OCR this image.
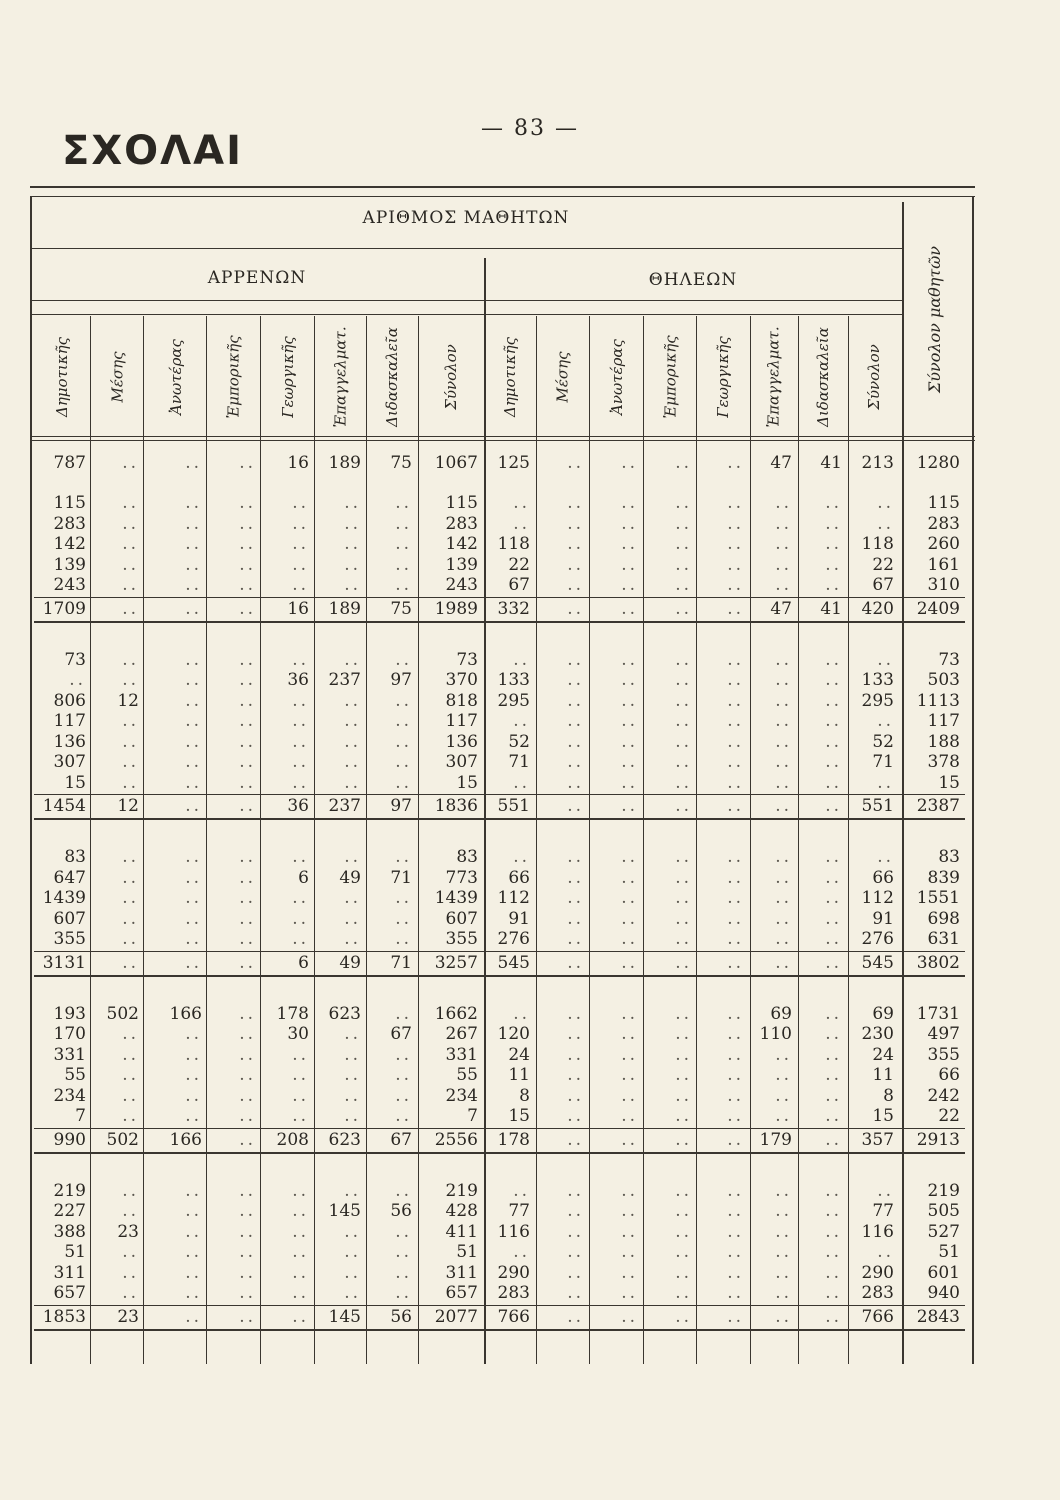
— 83 —
ΣΧΟΛΑΙ
ΑΡΙΘΜΟΣ ΜΑΘΗΤΩΝ
ΑΡΡΕΝΩΝ	ΘΗΛΕΩΝ	Σύνολον μαθητῶν
Δημοτικῆς	Μέσης	Ἀνωτέρας	Ἐμπορικῆς Γεωργικῆς Ἐπαγγελματ. Διδασκαλεῖα	Σύνολον	Δημοτικῆς Μέσης Ἀνωτέρας Ἐμπορικῆς Γεωργικῆς Ἐπαγγελματ. Διδασκαλεῖα Σύνολον
787	..	..	..	16	189	75	1067	125	..	..	..	..	47	41	213	1280
115	..	..	..	..	..	..	115	..	..	..	..	..	..	..	..	115
283	..	..	..	..	..	..	283	..	..	..	..	..	..	..	..	283
142	..	..	..	..	..	..	142	118	..	..	..	..	..	..	118	260
139	..	..	..	..	..	..	139	22	..	..	..	..	..	..	22	161
243	..	..	..	..	..	..	243	67	..	..	..	..	..	..	67	310
1709	..	..	..	16	189	75	1989	332	..	..	..	..	47	41	420	2409
73	..	..	..	..	..	..	73	..	..	..	..	..	..	..	..	73
..	..	..	..	36	237	97	370	133	..	..	..	..	..	..	133	503
806	12	..	..	..	..	..	818	295	..	..	..	..	..	..	295	1113
117	..	..	..	..	..	..	117	..	..	..	..	..	..	..	..	117
136	..	..	..	..	..	..	136	52	..	..	..	..	..	..	52	188
307	..	..	..	..	..	..	307	71	..	..	..	..	..	..	71	378
15	..	..	..	..	..	..	15	..	..	..	..	..	..	..	..	15
1454	12	..	..	36	237	97	1836	551	..	..	..	..	..	..	551	2387
83	..	..	..	..	..	..	83	..	..	..	..	..	..	..	..	83
647	..	..	..	6	49	71	773	66	..	..	..	..	..	..	66	839
1439	..	..	..	..	..	..	1439	112	..	..	..	..	..	..	112	1551
607	..	..	..	..	..	..	607	91	..	..	..	..	..	..	91	698
355	..	..	..	..	..	..	355	276	..	..	..	..	..	..	276	631
3131	..	..	..	6	49	71	3257	545	..	..	..	..	..	..	545	3802
193	502	166	..	178	623	..	1662	..	..	..	..	..	69	..	69	1731
170	..	..	..	30	..	67	267	120	..	..	..	.. 110	..	230	497
331	..	..	..	..	..	..	331	24	..	..	..	..	..	..	24	355
55	..	..	..	..	..	..	55	11	..	..	..	..	..	..	11	66
234	..	..	..	..	..	..	234	8	..	..	..	..	..	..	8	242
7	..	..	..	..	..	..	7	15	..	..	..	..	..	..	15	22
990	502	166	..	208	623	67	2556	178	..	..	..	.. 179	..	357	2913
219	..	..	..	..	..	..	219	..	..	..	..	..	..	..	..	219
227	..	..	..	..	145	56	428	77	..	..	..	..	..	..	77	505
388	23	..	..	..	..	..	411	116	..	..	..	..	..	..	116	527
51	..	..	..	..	..	..	51	..	..	..	..	..	..	..	..	51
311	..	..	..	..	..	..	311	290	..	..	..	..	..	..	290	601
657	..	..	..	..	..	..	657	283	..	..	..	..	..	..	283	940
1853	23	..	..	..	145	56	2077	766	..	..	..	..	..	..	766	2843
